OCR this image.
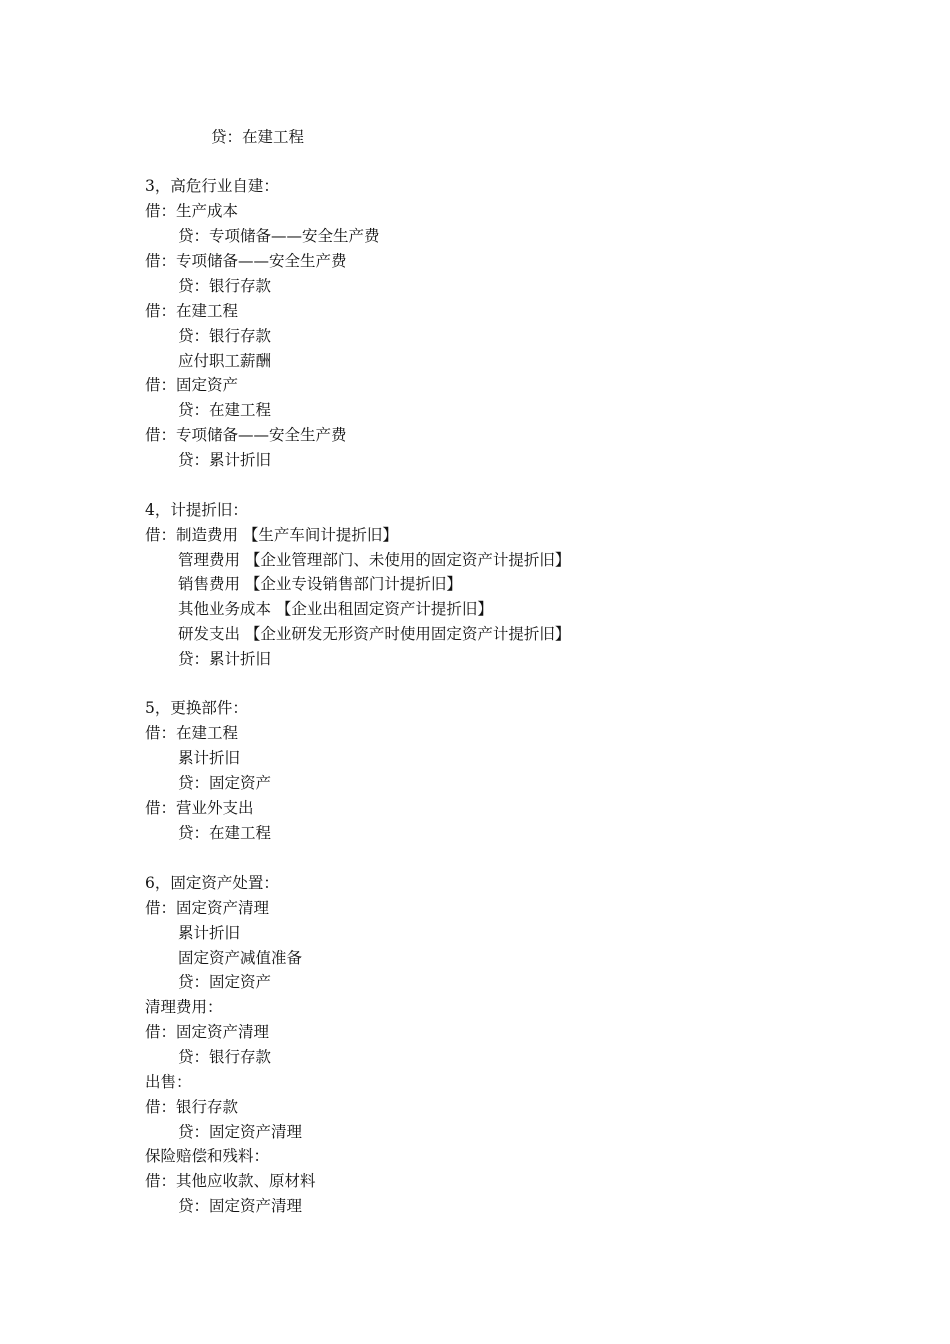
贷：在建工程
3，高危行业自建：
借：生产成本
贷：专项储备——安全生产费
借：专项储备——安全生产费
贷：银行存款
借：在建工程
贷：银行存款
应付职工薪酬
借：固定资产
贷：在建工程
借：专项储备——安全生产费
贷：累计折旧
4，计提折旧：
借：制造费用 【生产车间计提折旧】
管理费用 【企业管理部门、未使用的固定资产计提折旧】
销售费用 【企业专设销售部门计提折旧】
其他业务成本 【企业出租固定资产计提折旧】
研发支出 【企业研发无形资产时使用固定资产计提折旧】
贷：累计折旧
5，更换部件：
借：在建工程
累计折旧
贷：固定资产
借：营业外支出
贷：在建工程
6，固定资产处置：
借：固定资产清理
累计折旧
固定资产减值准备
贷：固定资产
清理费用：
借：固定资产清理
贷：银行存款
出售：
借：银行存款
贷：固定资产清理
保险赔偿和残料：
借：其他应收款、原材料
贷：固定资产清理
